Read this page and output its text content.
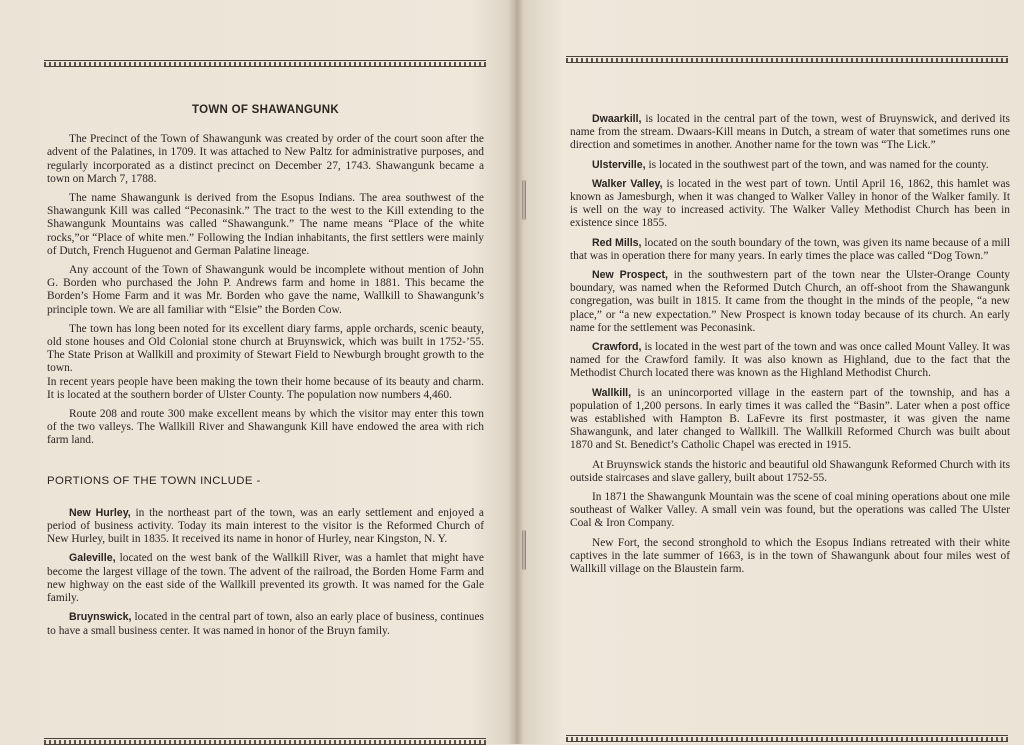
TOWN OF SHAWANGUNK

The Precinct of the Town of Shawangunk was created by order of the court soon after the advent of the Palatines, in 1709. It was attached to New Paltz for administrative purposes, and regularly incorporated as a distinct precinct on December 27, 1743. Shawangunk became a town on March 7, 1788.

The name Shawangunk is derived from the Esopus Indians. The area southwest of the Shawangunk Kill was called “Peconasink.” The tract to the west to the Kill extending to the Shawangunk Mountains was called “Shawangunk.” The name means “Place of the white rocks,”or “Place of white men.” Following the Indian inhabitants, the first settlers were mainly of Dutch, French Huguenot and German Palatine lineage.

Any account of the Town of Shawangunk would be incomplete without mention of John G. Borden who purchased the John P. Andrews farm and home in 1881. This became the Borden’s Home Farm and it was Mr. Borden who gave the name, Wallkill to Shawangunk’s principle town. We are all familiar with “Elsie” the Borden Cow.

The town has long been noted for its excellent diary farms, apple orchards, scenic beauty, old stone houses and Old Colonial stone church at Bruynswick, which was built in 1752-’55. The State Prison at Wallkill and proximity of Stewart Field to Newburgh brought growth to the town.

In recent years people have been making the town their home because of its beauty and charm. It is located at the southern border of Ulster County. The population now numbers 4,460.

Route 208 and route 300 make excellent means by which the visitor may enter this town of the two valleys. The Wallkill River and Shawangunk Kill have endowed the area with rich farm land.

PORTIONS OF THE TOWN INCLUDE -

New Hurley, in the northeast part of the town, was an early settlement and enjoyed a period of business activity. Today its main interest to the visitor is the Reformed Church of New Hurley, built in 1835. It received its name in honor of Hurley, near Kingston, N. Y.

Galeville, located on the west bank of the Wallkill River, was a hamlet that might have become the largest village of the town. The advent of the railroad, the Borden Home Farm and new highway on the east side of the Wallkill prevented its growth. It was named for the Gale family.

Bruynswick, located in the central part of town, also an early place of business, continues to have a small business center. It was named in honor of the Bruyn family.

Dwaarkill, is located in the central part of the town, west of Bruynswick, and derived its name from the stream. Dwaars-Kill means in Dutch, a stream of water that sometimes runs one direction and sometimes in another. Another name for the town was “The Lick.”

Ulsterville, is located in the southwest part of the town, and was named for the county.

Walker Valley, is located in the west part of town. Until April 16, 1862, this hamlet was known as Jamesburgh, when it was changed to Walker Valley in honor of the Walker family. It is well on the way to increased activity. The Walker Valley Methodist Church has been in existence since 1855.

Red Mills, located on the south boundary of the town, was given its name because of a mill that was in operation there for many years. In early times the place was called “Dog Town.”

New Prospect, in the southwestern part of the town near the Ulster-Orange County boundary, was named when the Reformed Dutch Church, an off-shoot from the Shawangunk congregation, was built in 1815. It came from the thought in the minds of the people, “a new place,” or “a new expectation.” New Prospect is known today because of its church. An early name for the settlement was Peconasink.

Crawford, is located in the west part of the town and was once called Mount Valley. It was named for the Crawford family. It was also known as Highland, due to the fact that the Methodist Church located there was known as the Highland Methodist Church.

Wallkill, is an unincorported village in the eastern part of the township, and has a population of 1,200 persons. In early times it was called the “Basin”. Later when a post office was established with Hampton B. LaFevre its first postmaster, it was given the name Shawangunk, and later changed to Wallkill. The Wallkill Reformed Church was built about 1870 and St. Benedict’s Catholic Chapel was erected in 1915.

At Bruynswick stands the historic and beautiful old Shawangunk Reformed Church with its outside staircases and slave gallery, built about 1752-55.

In 1871 the Shawangunk Mountain was the scene of coal mining operations about one mile southeast of Walker Valley. A small vein was found, but the operations was called The Ulster Coal & Iron Company.

New Fort, the second stronghold to which the Esopus Indians retreated with their white captives in the late summer of 1663, is in the town of Shawangunk about four miles west of Wallkill village on the Blaustein farm.
